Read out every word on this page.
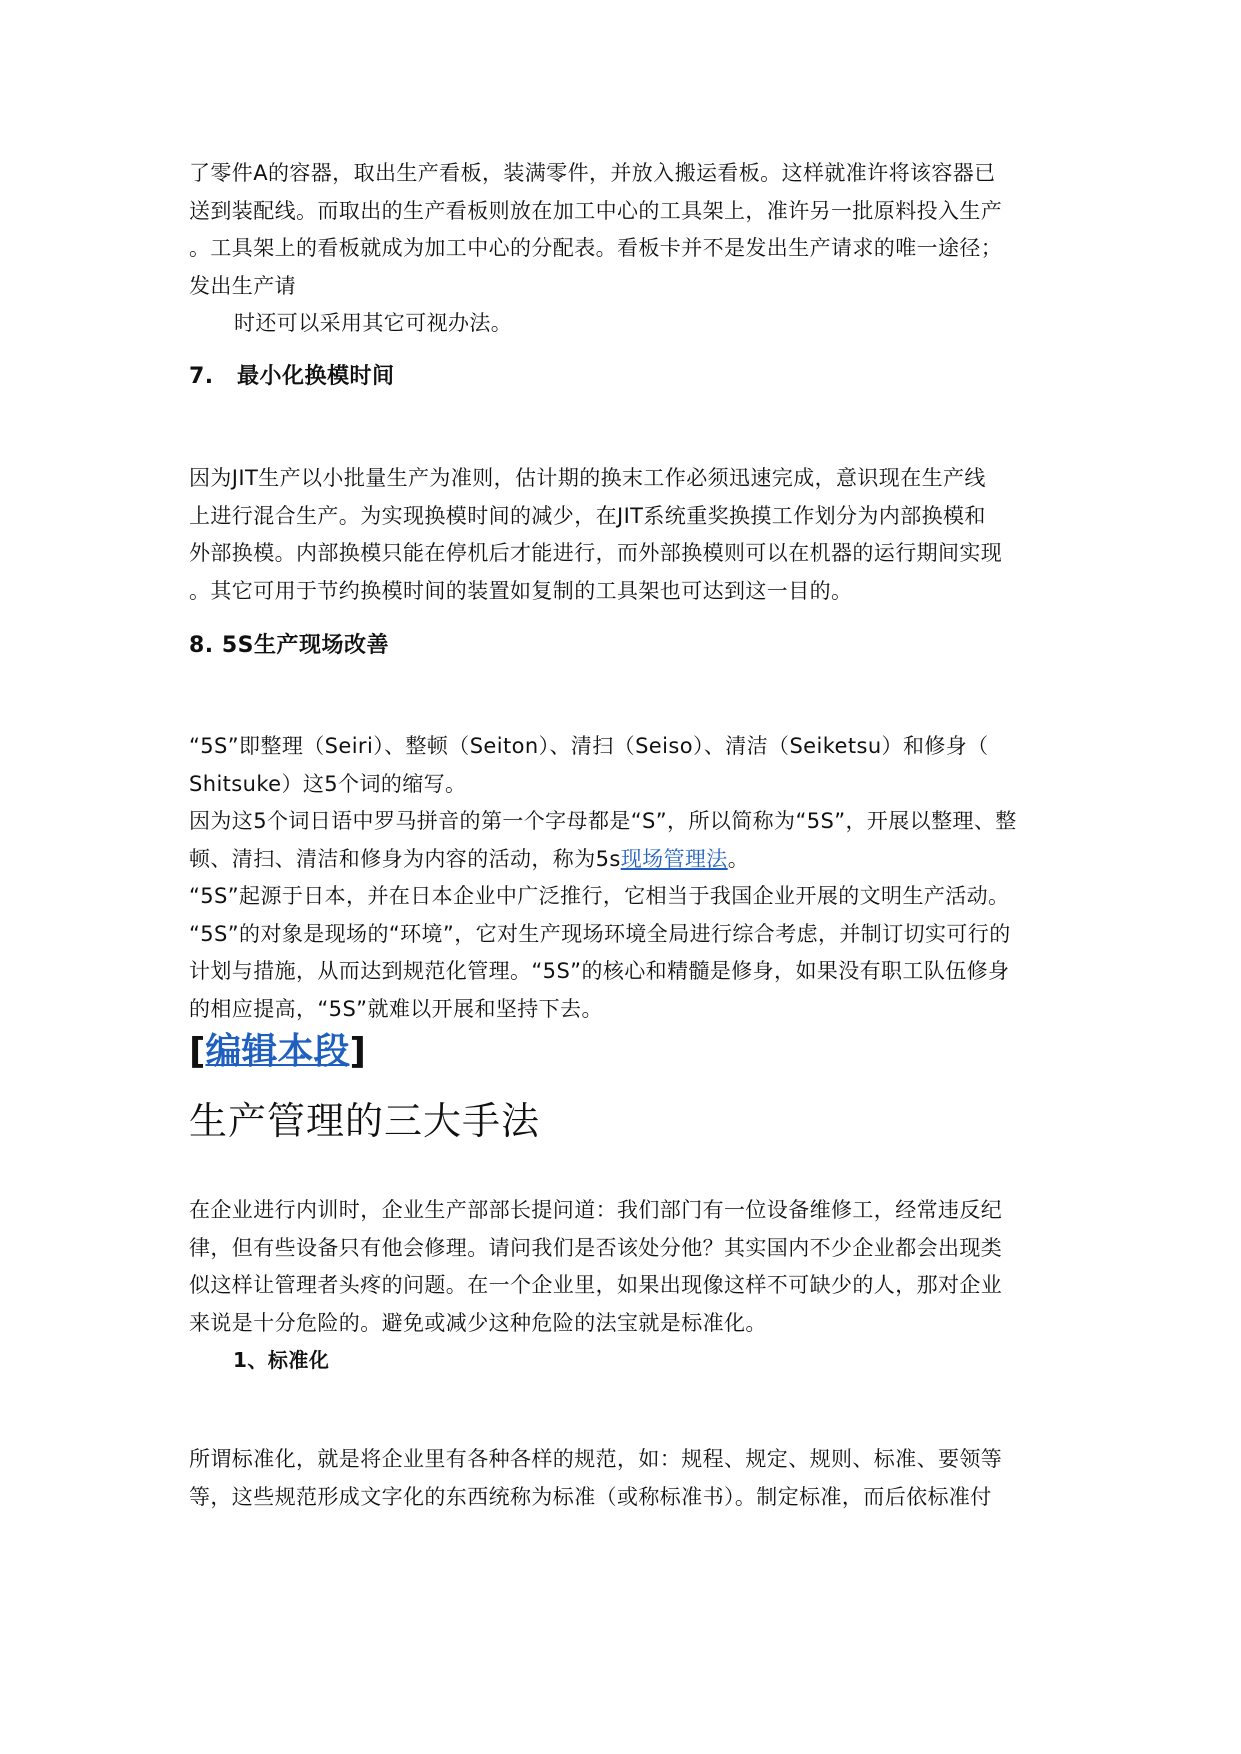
了零件A的容器，取出生产看板，装满零件，并放入搬运看板。这样就准许将该容器已
送到装配线。而取出的生产看板则放在加工中心的工具架上，准许另一批原料投入生产
。工具架上的看板就成为加工中心的分配表。看板卡并不是发出生产请求的唯一途径；
发出生产请
时还可以采用其它可视办法。

7. 最小化换模时间

因为JIT生产以小批量生产为准则，估计期的换末工作必须迅速完成，意识现在生产线
上进行混合生产。为实现换模时间的减少，在JIT系统重奖换摸工作划分为内部换模和
外部换模。内部换模只能在停机后才能进行，而外部换模则可以在机器的运行期间实现
。其它可用于节约换模时间的装置如复制的工具架也可达到这一目的。

8. 5S生产现场改善

“5S”即整理（Seiri）、整顿（Seiton）、清扫（Seiso）、清洁（Seiketsu）和修身（
Shitsuke）这5个词的缩写。
因为这5个词日语中罗马拼音的第一个字母都是“S”，所以简称为“5S”，开展以整理、整
顿、清扫、清洁和修身为内容的活动，称为5s现场管理法。
“5S”起源于日本，并在日本企业中广泛推行，它相当于我国企业开展的文明生产活动。
“5S”的对象是现场的“环境”，它对生产现场环境全局进行综合考虑，并制订切实可行的
计划与措施，从而达到规范化管理。“5S”的核心和精髓是修身，如果没有职工队伍修身
的相应提高，“5S”就难以开展和坚持下去。

[编辑本段]

生产管理的三大手法

在企业进行内训时，企业生产部部长提问道：我们部门有一位设备维修工，经常违反纪
律，但有些设备只有他会修理。请问我们是否该处分他？其实国内不少企业都会出现类
似这样让管理者头疼的问题。在一个企业里，如果出现像这样不可缺少的人，那对企业
来说是十分危险的。避免或减少这种危险的法宝就是标准化。

1、标准化

所谓标准化，就是将企业里有各种各样的规范，如：规程、规定、规则、标准、要领等
等，这些规范形成文字化的东西统称为标准（或称标准书）。制定标准，而后依标准付
